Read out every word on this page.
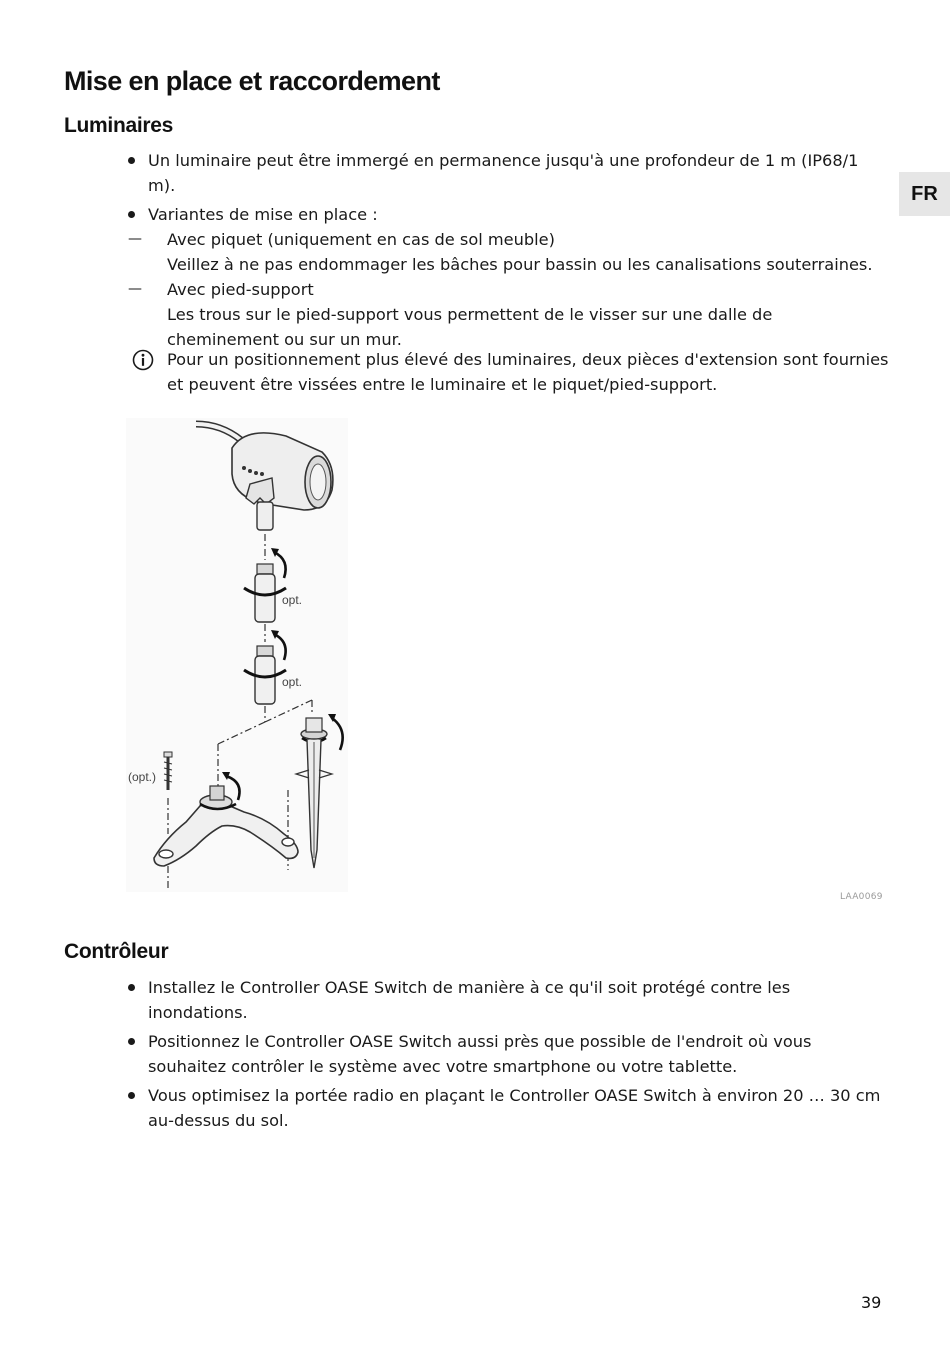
Mise en place et raccordement
FR
Luminaires
Un luminaire peut être immergé en permanence jusqu'à une profondeur de 1 m (IP68/1 m).
Variantes de mise en place :
— Avec piquet (uniquement en cas de sol meuble)
Veillez à ne pas endommager les bâches pour bassin ou les canalisations souterraines.
— Avec pied-support
Les trous sur le pied-support vous permettent de le visser sur une dalle de cheminement ou sur un mur.
Pour un positionnement plus élevé des luminaires, deux pièces d'extension sont fournies et peuvent être vissées entre le luminaire et le piquet/pied-support.
opt.
opt.
(opt.)
LAA0069
Contrôleur
Installez le Controller OASE Switch de manière à ce qu'il soit protégé contre les inondations.
Positionnez le Controller OASE Switch aussi près que possible de l'endroit où vous souhaitez contrôler le système avec votre smartphone ou votre tablette.
Vous optimisez la portée radio en plaçant le Controller OASE Switch à environ 20 … 30 cm au-dessus du sol.
39
